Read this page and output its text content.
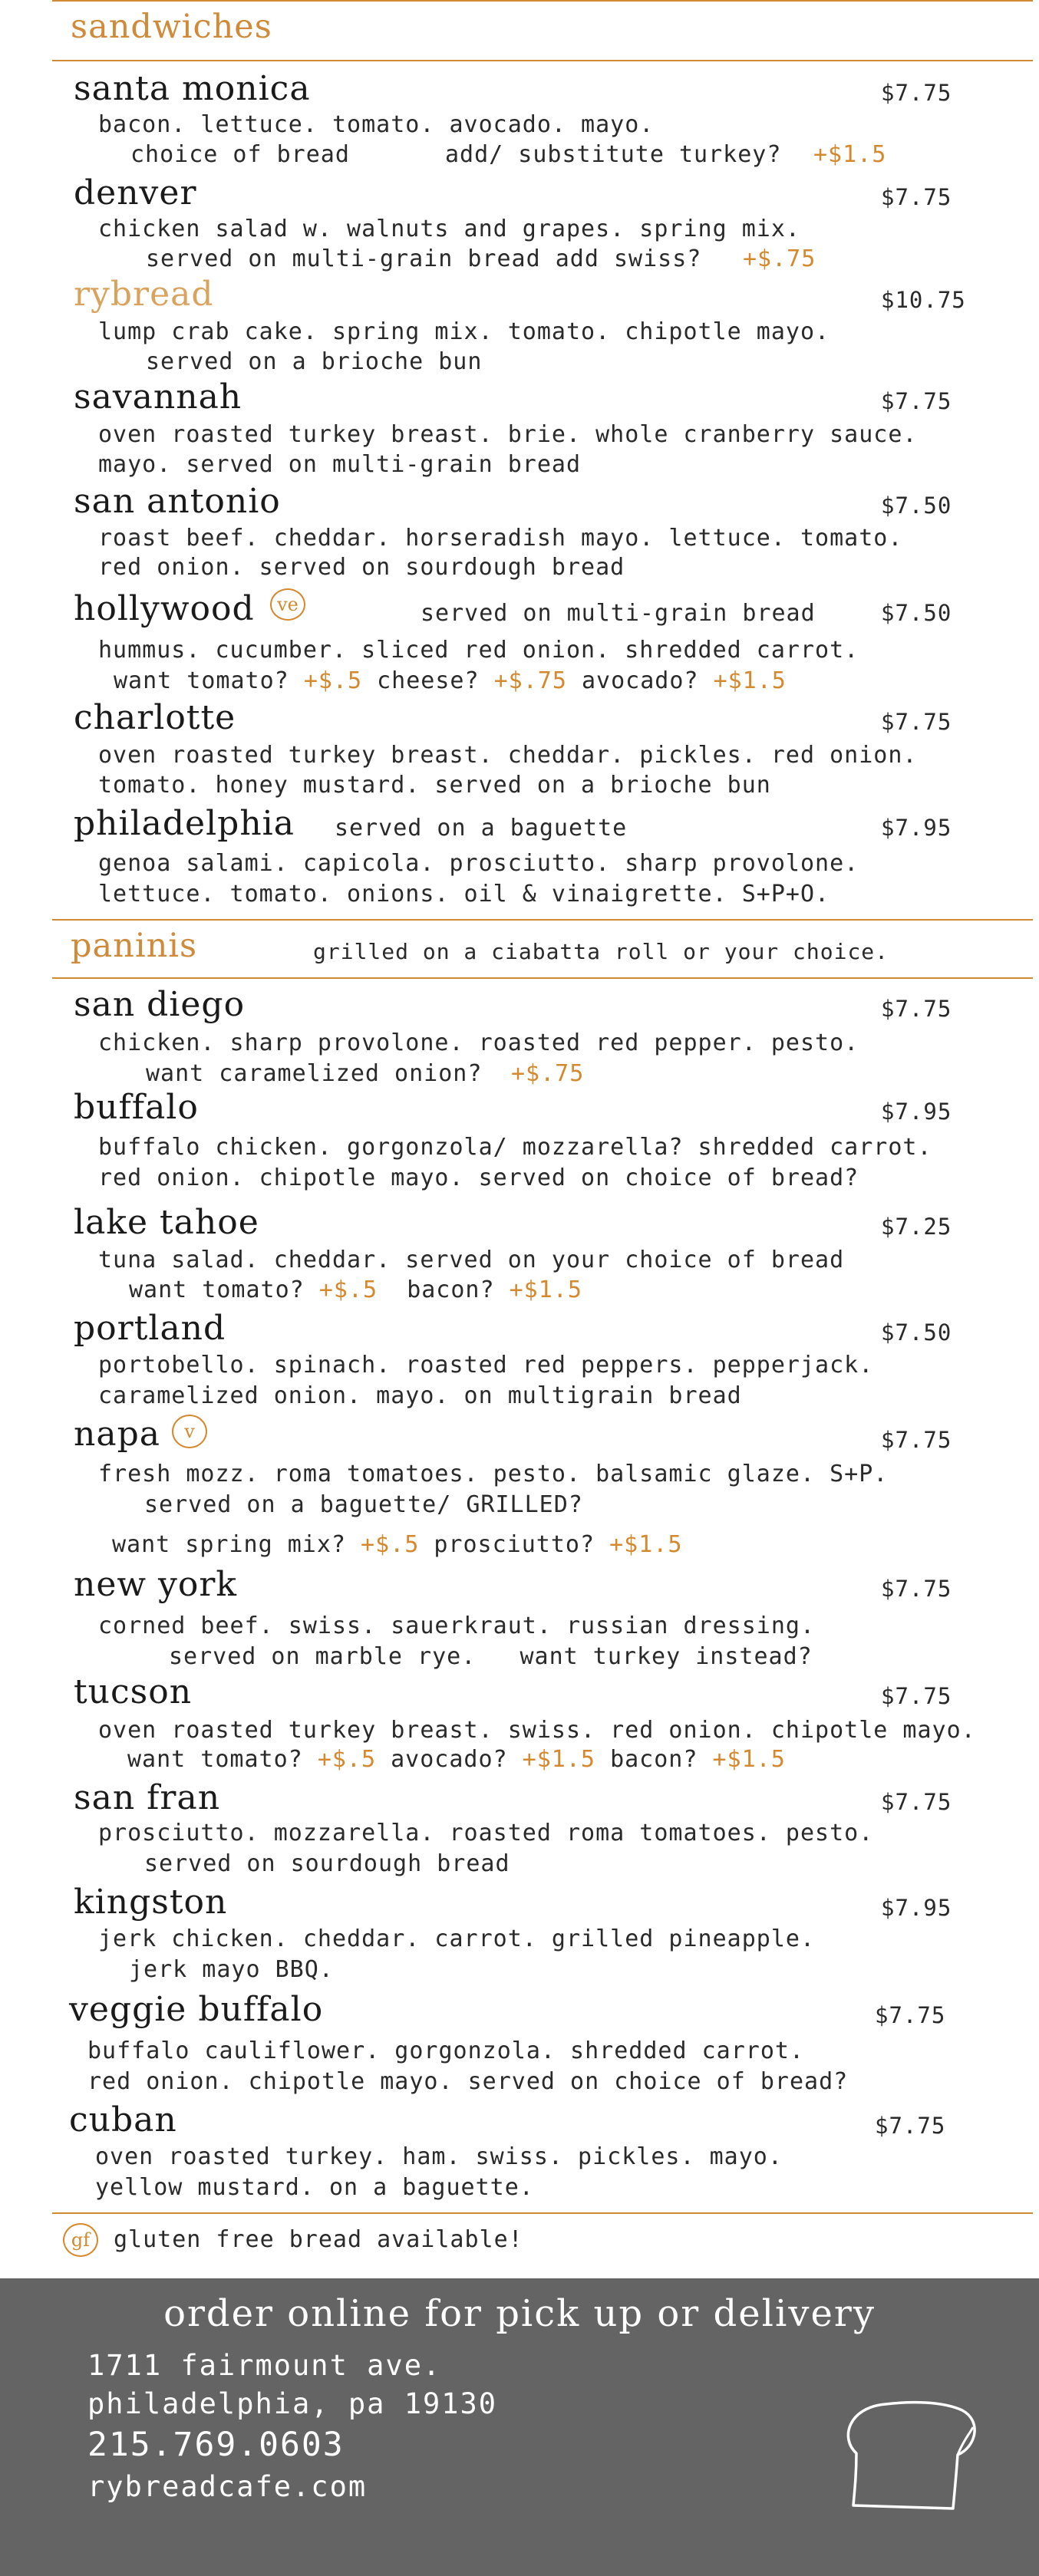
sandwiches
santa monica	$7.75
bacon. lettuce. tomato. avocado. mayo.
choice of bread	add/ substitute turkey? +$1.5
denver	$7.75
chicken salad w. walnuts and grapes. spring mix.
served on multi-grain bread add swiss? +$.75
rybread	$10.75
lump crab cake. spring mix. tomato. chipotle mayo.
served on a brioche bun
savannah	$7.75
oven roasted turkey breast. brie. whole cranberry sauce.
mayo. served on multi-grain bread
san antonio	$7.50
roast beef. cheddar. horseradish mayo. lettuce. tomato.
red onion. served on sourdough bread
hollywood	ve	served on multi-grain bread	$7.50
hummus. cucumber. sliced red onion. shredded carrot.
want tomato? +$.5 cheese? +$.75 avocado? +$1.5
charlotte	$7.75
oven roasted turkey breast. cheddar. pickles. red onion.
tomato. honey mustard. served on a brioche bun
philadelphia served on a baguette	$7.95
genoa salami. capicola. prosciutto. sharp provolone.
lettuce. tomato. onions. oil & vinaigrette. S+P+O.
paninis	grilled on a ciabatta roll or your choice.
san diego	$7.75
chicken. sharp provolone. roasted red pepper. pesto.
want caramelized onion? +$.75
buffalo	$7.95
buffalo chicken. gorgonzola/ mozzarella? shredded carrot.
red onion. chipotle mayo. served on choice of bread?
lake tahoe	$7.25
tuna salad. cheddar. served on your choice of bread
want tomato? +$.5 bacon? +$1.5
portland	$7.50
portobello. spinach. roasted red peppers. pepperjack.
caramelized onion. mayo. on multigrain bread
napa	v	$7.75
fresh mozz. roma tomatoes. pesto. balsamic glaze. S+P.
served on a baguette/ GRILLED?
want spring mix? +$.5 prosciutto? +$1.5
new york	$7.75
corned beef. swiss. sauerkraut. russian dressing.
served on marble rye.   want turkey instead?
tucson	$7.75
oven roasted turkey breast. swiss. red onion. chipotle mayo.
want tomato? +$.5 avocado? +$1.5 bacon? +$1.5
san fran	$7.75
prosciutto. mozzarella. roasted roma tomatoes. pesto.
served on sourdough bread
kingston	$7.95
jerk chicken. cheddar. carrot. grilled pineapple.
jerk mayo BBQ.
veggie buffalo	$7.75
buffalo cauliflower. gorgonzola. shredded carrot.
red onion. chipotle mayo. served on choice of bread?
cuban	$7.75
oven roasted turkey. ham. swiss. pickles. mayo.
yellow mustard. on a baguette.
gf	gluten free bread available!
order online for pick up or delivery
1711 fairmount ave.
philadelphia, pa 19130
215.769.0603
rybreadcafe.com
